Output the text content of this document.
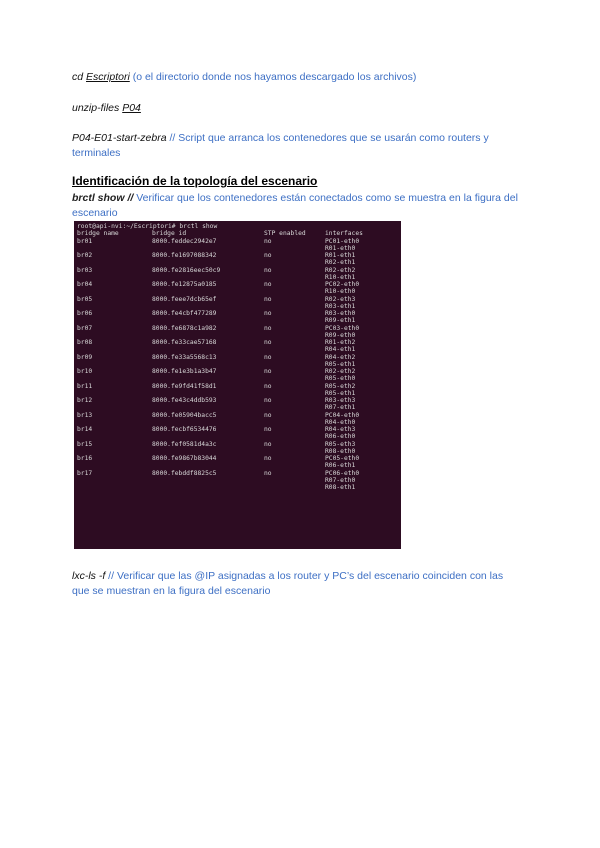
cd Escriptori (o el directorio donde nos hayamos descargado los archivos)
unzip-files P04
P04-E01-start-zebra // Script que arranca los contenedores que se usarán como routers y terminales
Identificación de la topología del escenario
brctl show // Verificar que los contenedores están conectados como se muestra en la figura del escenario
root@api-nvi:~/Escriptori# brctl show
bridge name	bridge id	STP enabled	interfaces
br01	8000.feddec2942e7	no	PC01-eth0
R01-eth0
br02	8000.fe1697088342	no	R01-eth1
R02-eth1
br03	8000.fe2816eec50c9	no	R02-eth2
R10-eth1
br04	8000.fe12875a0185	no	PC02-eth0
R10-eth0
br05	8000.feee7dcb65ef	no	R02-eth3
R03-eth1
br06	8000.fe4cbf477289	no	R03-eth0
R09-eth1
br07	8000.fe6878c1a982	no	PC03-eth0
R09-eth0
br08	8000.fe33cae57168	no	R01-eth2
R04-eth1
br09	8000.fe33a5568c13	no	R04-eth2
R05-eth1
br10	8000.fe1e3b1a3b47	no	R02-eth2
R05-eth0
br11	8000.fe9fd41f58d1	no	R05-eth2
R05-eth1
br12	8000.fe43c4ddb593	no	R03-eth3
R07-eth1
br13	8000.fe05904bacc5	no	PC04-eth0
R04-eth0
br14	8000.fecbf6534476	no	R04-eth3
R06-eth0
br15	8000.fef0581d4a3c	no	R05-eth3
R08-eth0
br16	8000.fe9867b83044	no	PC05-eth0
R06-eth1
br17	8000.febddf8825c5	no	PC06-eth0
R07-eth0
R08-eth1
lxc-ls -f // Verificar que las @IP asignadas a los router y PC’s del escenario coinciden con las que se muestran en la figura del escenario
